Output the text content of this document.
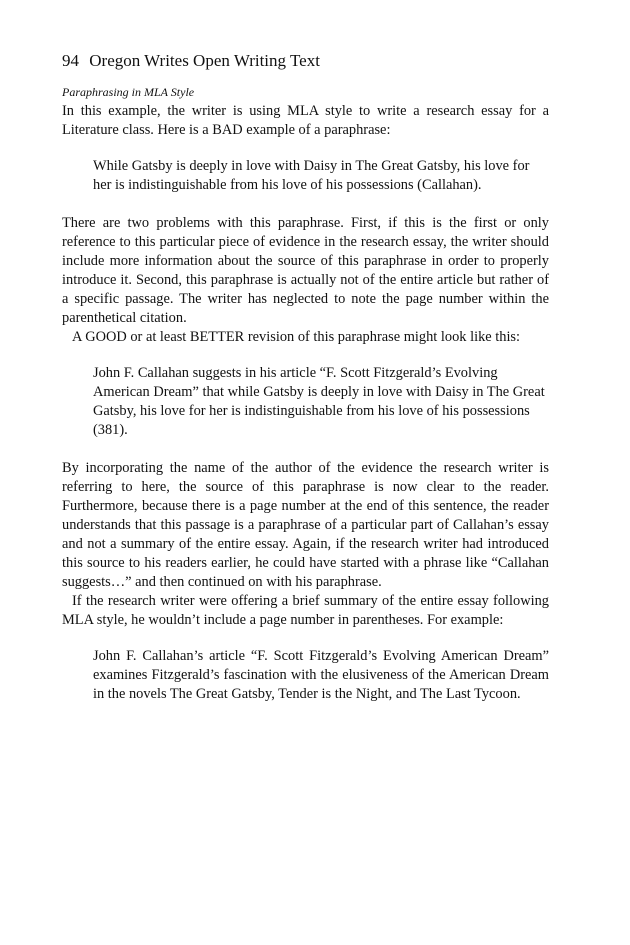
94 Oregon Writes Open Writing Text
Paraphrasing in MLA Style

In this example, the writer is using MLA style to write a research essay for a Literature class. Here is a BAD example of a paraphrase:

While Gatsby is deeply in love with Daisy in The Great Gatsby, his love for her is indistinguishable from his love of his possessions (Callahan).

There are two problems with this paraphrase. First, if this is the first or only reference to this particular piece of evidence in the research essay, the writer should include more information about the source of this paraphrase in order to properly introduce it. Second, this paraphrase is actually not of the entire article but rather of a specific passage. The writer has neglected to note the page number within the parenthetical citation.

A GOOD or at least BETTER revision of this paraphrase might look like this:

John F. Callahan suggests in his article “F. Scott Fitzgerald’s Evolving American Dream” that while Gatsby is deeply in love with Daisy in The Great Gatsby, his love for her is indistinguishable from his love of his possessions (381).

By incorporating the name of the author of the evidence the research writer is referring to here, the source of this paraphrase is now clear to the reader. Furthermore, because there is a page number at the end of this sentence, the reader understands that this passage is a paraphrase of a particular part of Callahan’s essay and not a summary of the entire essay. Again, if the research writer had introduced this source to his readers earlier, he could have started with a phrase like “Callahan suggests…” and then continued on with his paraphrase.

If the research writer were offering a brief summary of the entire essay following MLA style, he wouldn’t include a page number in parentheses. For example:

John F. Callahan’s article “F. Scott Fitzgerald’s Evolving American Dream” examines Fitzgerald’s fascination with the elusiveness of the American Dream in the novels The Great Gatsby, Tender is the Night, and The Last Tycoon.
